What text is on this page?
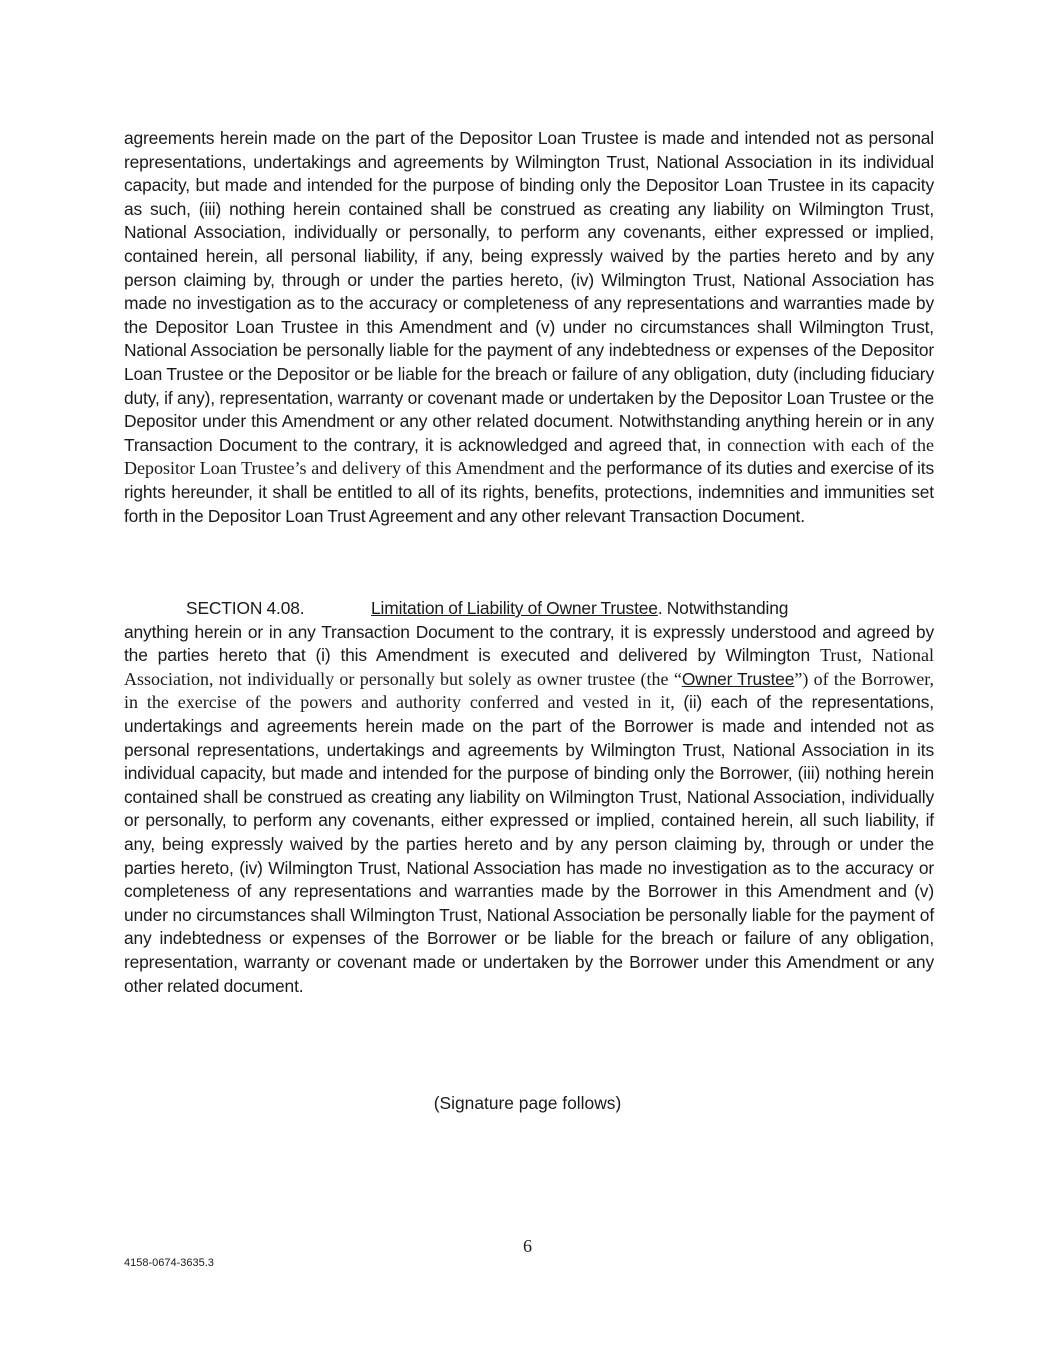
agreements herein made on the part of the Depositor Loan Trustee is made and intended not as personal representations, undertakings and agreements by Wilmington Trust, National Association in its individual capacity, but made and intended for the purpose of binding only the Depositor Loan Trustee in its capacity as such, (iii) nothing herein contained shall be construed as creating any liability on Wilmington Trust, National Association, individually or personally, to perform any covenants, either expressed or implied, contained herein, all personal liability, if any, being expressly waived by the parties hereto and by any person claiming by, through or under the parties hereto, (iv) Wilmington Trust, National Association has made no investigation as to the accuracy or completeness of any representations and warranties made by the Depositor Loan Trustee in this Amendment and (v) under no circumstances shall Wilmington Trust, National Association be personally liable for the payment of any indebtedness or expenses of the Depositor Loan Trustee or the Depositor or be liable for the breach or failure of any obligation, duty (including fiduciary duty, if any), representation, warranty or covenant made or undertaken by the Depositor Loan Trustee or the Depositor under this Amendment or any other related document. Notwithstanding anything herein or in any Transaction Document to the contrary, it is acknowledged and agreed that, in connection with each of the Depositor Loan Trustee’s and delivery of this Amendment and the performance of its duties and exercise of its rights hereunder, it shall be entitled to all of its rights, benefits, protections, indemnities and immunities set forth in the Depositor Loan Trust Agreement and any other relevant Transaction Document.
SECTION 4.08.	Limitation of Liability of Owner Trustee. Notwithstanding
anything herein or in any Transaction Document to the contrary, it is expressly understood and agreed by the parties hereto that (i) this Amendment is executed and delivered by Wilmington Trust, National Association, not individually or personally but solely as owner trustee (the “Owner Trustee”) of the Borrower, in the exercise of the powers and authority conferred and vested in it, (ii) each of the representations, undertakings and agreements herein made on the part of the Borrower is made and intended not as personal representations, undertakings and agreements by Wilmington Trust, National Association in its individual capacity, but made and intended for the purpose of binding only the Borrower, (iii) nothing herein contained shall be construed as creating any liability on Wilmington Trust, National Association, individually or personally, to perform any covenants, either expressed or implied, contained herein, all such liability, if any, being expressly waived by the parties hereto and by any person claiming by, through or under the parties hereto, (iv) Wilmington Trust, National Association has made no investigation as to the accuracy or completeness of any representations and warranties made by the Borrower in this Amendment and (v) under no circumstances shall Wilmington Trust, National Association be personally liable for the payment of any indebtedness or expenses of the Borrower or be liable for the breach or failure of any obligation, representation, warranty or covenant made or undertaken by the Borrower under this Amendment or any other related document.
(Signature page follows)
6
4158-0674-3635.3
